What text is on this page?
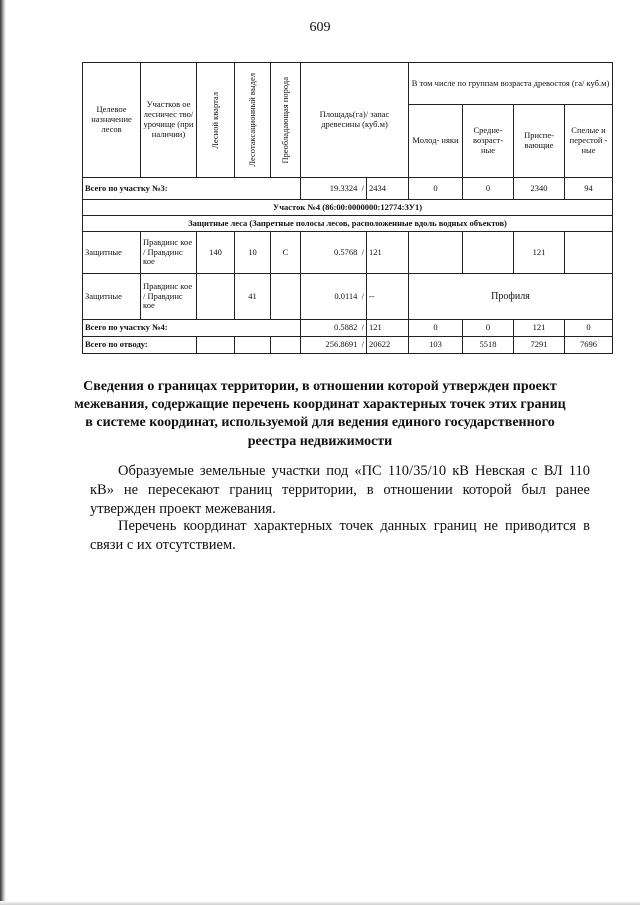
609
Целевое назначение лесов	Участков ое лесничес тво/ урочище (при наличии)	Лесной квартал	Лесотаксационный выдел	Преобладающая порода	Площадь(га)/ запас древесины (куб.м)		В том числе по группам возраста древостоя (га/ куб.м)			
							Молод- няки	Средне- возраст- ные	Приспе- вающие	Спелые и перестой - ные
Всего по участку №3:					19.3324 /	2434	0	0	2340	94
Участок №4 (86:00:0000000:12774:ЗУ1)										
Защитные леса (Запретные полосы лесов, расположенные вдоль водных объектов)										
Защитные	Правдинс кое / Правдинс кое	140	10	С	0.5768 /	121			121	
Защитные	Правдинс кое / Правдинс кое		41		0.0114 /	--	Профиля			
Всего по участку №4:					0.5882 /	121	0	0	121	0
Всего по отводу:					256.8691 /	20622	103	5518	7291	7696
Сведения о границах территории, в отношении которой утвержден проект межевания, содержащие перечень координат характерных точек этих границ в системе координат, используемой для ведения единого государственного реестра недвижимости

Образуемые земельные участки под «ПС 110/35/10 кВ Невская с ВЛ 110 кВ» не пересекают границ территории, в отношении которой был ранее утвержден проект межевания.

Перечень координат характерных точек данных границ не приводится в связи с их отсутствием.
